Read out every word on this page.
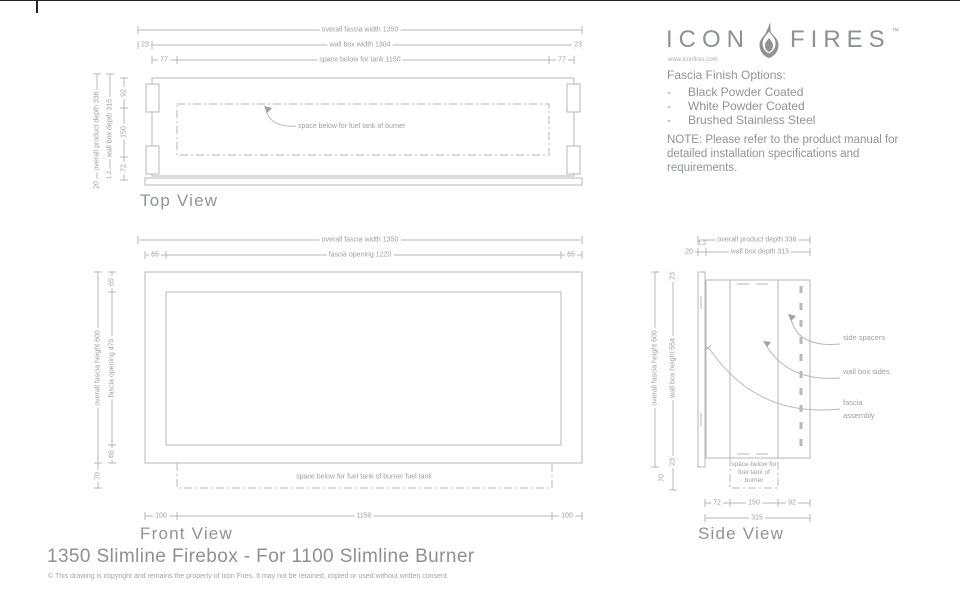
overall fascia width 1350
23	wall box width 1304	23
77	space below for tank 1150	77
overall product depth 336 wall box depth 315
92
150
72
1.2
20
space below for fuel tank of burner
Top View
overall fascia width 1350
65	fascia opening 1220	65
overall fascia height 600
65
fascia opening 470
65
70	space below for fuel tank of burner fuel tank
100	1150	100
Front View
overall product depth 336
20
1.2
wall box depth 315
overall fascia height 600
23
wall box height 554
23
70
space below for fuel tank of burner
72	150	92
315
side spacers
wall box sides
fascia assembly
Side View
ICON FIRES ™
www.iconfires.com
Fascia Finish Options:
-	Black Powder Coated
-	White Powder Coated
-	Brushed Stainless Steel
NOTE: Please refer to the product manual for detailed installation specifications and requirements.
1350 Slimline Firebox - For 1100 Slimline Burner
© This drawing is copyright and remains the property of Icon Fires. It may not be retained, copied or used without written consent.
